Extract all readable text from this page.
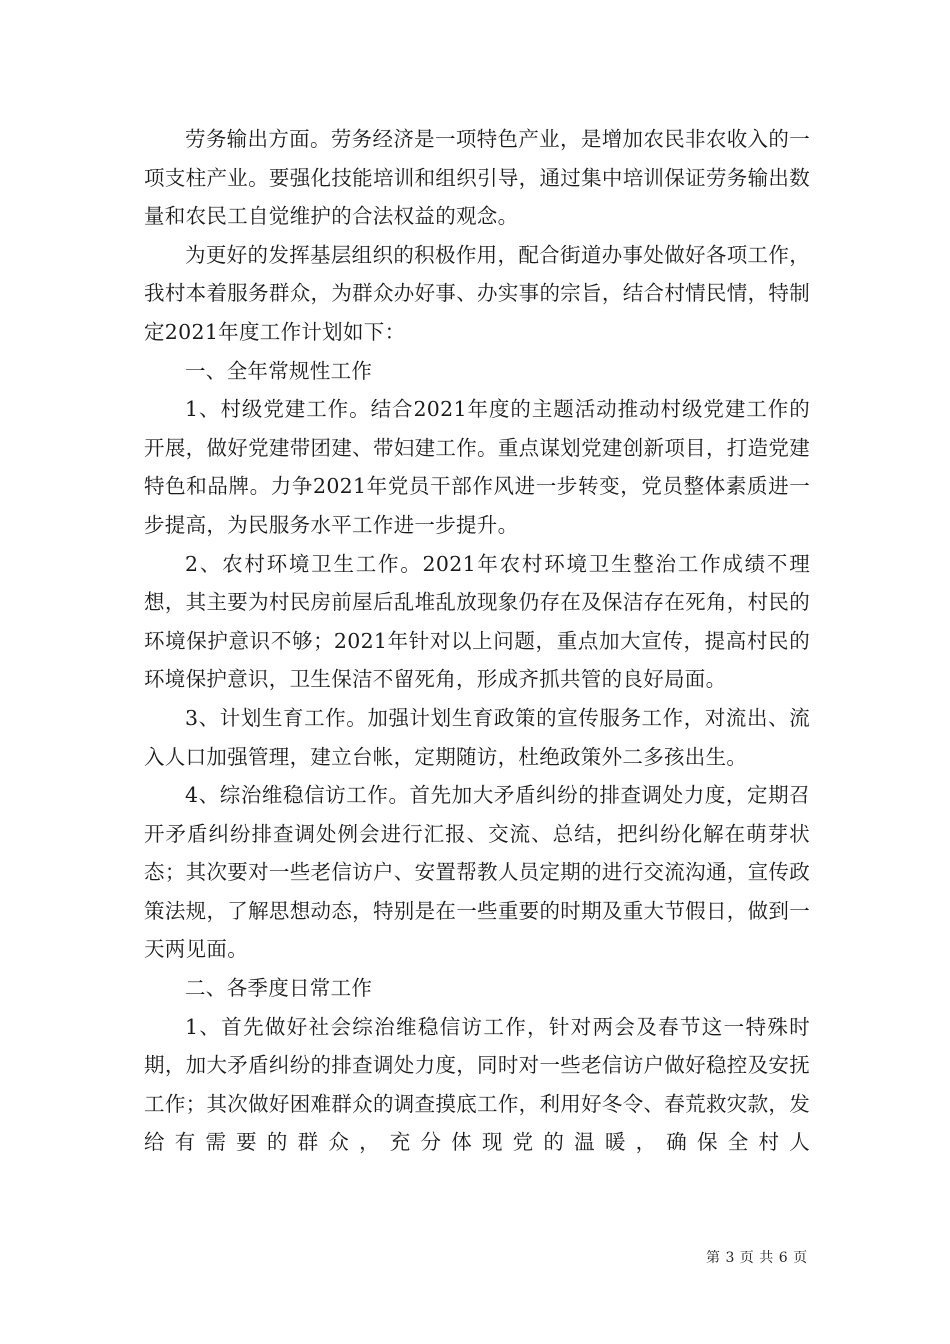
劳务输出方面。劳务经济是一项特色产业，是增加农民非农收入的一项支柱产业。要强化技能培训和组织引导，通过集中培训保证劳务输出数量和农民工自觉维护的合法权益的观念。

为更好的发挥基层组织的积极作用，配合街道办事处做好各项工作，我村本着服务群众，为群众办好事、办实事的宗旨，结合村情民情，特制定2021年度工作计划如下：

一、全年常规性工作

1、村级党建工作。结合2021年度的主题活动推动村级党建工作的开展，做好党建带团建、带妇建工作。重点谋划党建创新项目，打造党建特色和品牌。力争2021年党员干部作风进一步转变，党员整体素质进一步提高，为民服务水平工作进一步提升。

2、农村环境卫生工作。2021年农村环境卫生整治工作成绩不理想，其主要为村民房前屋后乱堆乱放现象仍存在及保洁存在死角，村民的环境保护意识不够；2021年针对以上问题，重点加大宣传，提高村民的环境保护意识，卫生保洁不留死角，形成齐抓共管的良好局面。

3、计划生育工作。加强计划生育政策的宣传服务工作，对流出、流入人口加强管理，建立台帐，定期随访，杜绝政策外二多孩出生。

4、综治维稳信访工作。首先加大矛盾纠纷的排查调处力度，定期召开矛盾纠纷排查调处例会进行汇报、交流、总结，把纠纷化解在萌芽状态；其次要对一些老信访户、安置帮教人员定期的进行交流沟通，宣传政策法规，了解思想动态，特别是在一些重要的时期及重大节假日，做到一天两见面。

二、各季度日常工作

1、首先做好社会综治维稳信访工作，针对两会及春节这一特殊时期，加大矛盾纠纷的排查调处力度，同时对一些老信访户做好稳控及安抚工作；其次做好困难群众的调查摸底工作，利用好冬令、春荒救灾款，发给有需要的群众，充分体现党的温暖，确保全村人

第 3 页 共 6 页
